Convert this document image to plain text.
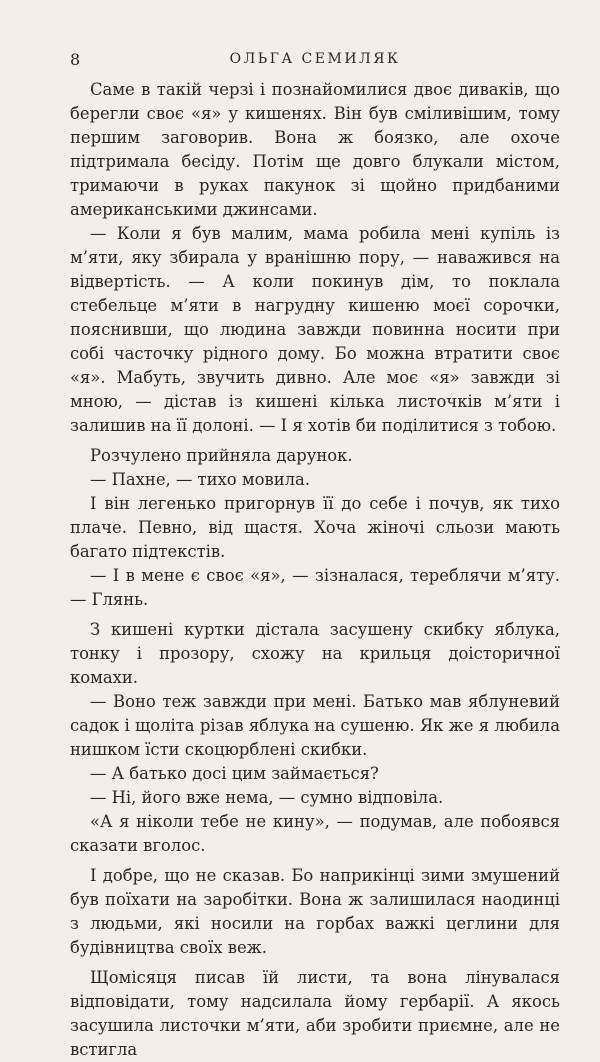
8	ОЛЬГА СЕМИЛЯК

Саме в такій черзі і познайомилися двоє диваків, що берегли своє «я» у кишенях. Він був сміливішим, тому першим заговорив. Вона ж боязко, але охоче підтримала бесіду. Потім ще довго блукали містом, тримаючи в руках пакунок зі щойно придбаними американськими джинсами.

— Коли я був малим, мама робила мені купіль із м’яти, яку збирала у вранішню пору, — наважився на відвертість. — А коли покинув дім, то поклала стебельце м’яти в нагрудну кишеню моєї сорочки, пояснивши, що людина завжди повинна носити при собі часточку рідного дому. Бо можна втратити своє «я». Мабуть, звучить дивно. Але моє «я» завжди зі мною, — дістав із кишені кілька листочків м’яти і залишив на її долоні. — І я хотів би поділитися з тобою.

Розчулено прийняла дарунок.

— Пахне, — тихо мовила.

І він легенько пригорнув її до себе і почув, як тихо плаче. Певно, від щастя. Хоча жіночі сльози мають багато підтекстів.

— І в мене є своє «я», — зізналася, тереблячи м’яту. — Глянь.

З кишені куртки дістала засушену скибку яблука, тонку і прозору, схожу на крильця доісторичної комахи.

— Воно теж завжди при мені. Батько мав яблуневий садок і щоліта різав яблука на сушеню. Як же я любила нишком їсти скоцюрблені скибки.

— А батько досі цим займається?

— Ні, його вже нема, — сумно відповіла.

«А я ніколи тебе не кину», — подумав, але побоявся сказати вголос.

І добре, що не сказав. Бо наприкінці зими змушений був поїхати на заробітки. Вона ж залишилася наодинці з людьми, які носили на горбах важкі цеглини для будівництва своїх веж.

Щомісяця писав їй листи, та вона лінувалася відповідати, тому надсилала йому гербарії. А якось засушила листочки м’яти, аби зробити приємне, але не встигла
